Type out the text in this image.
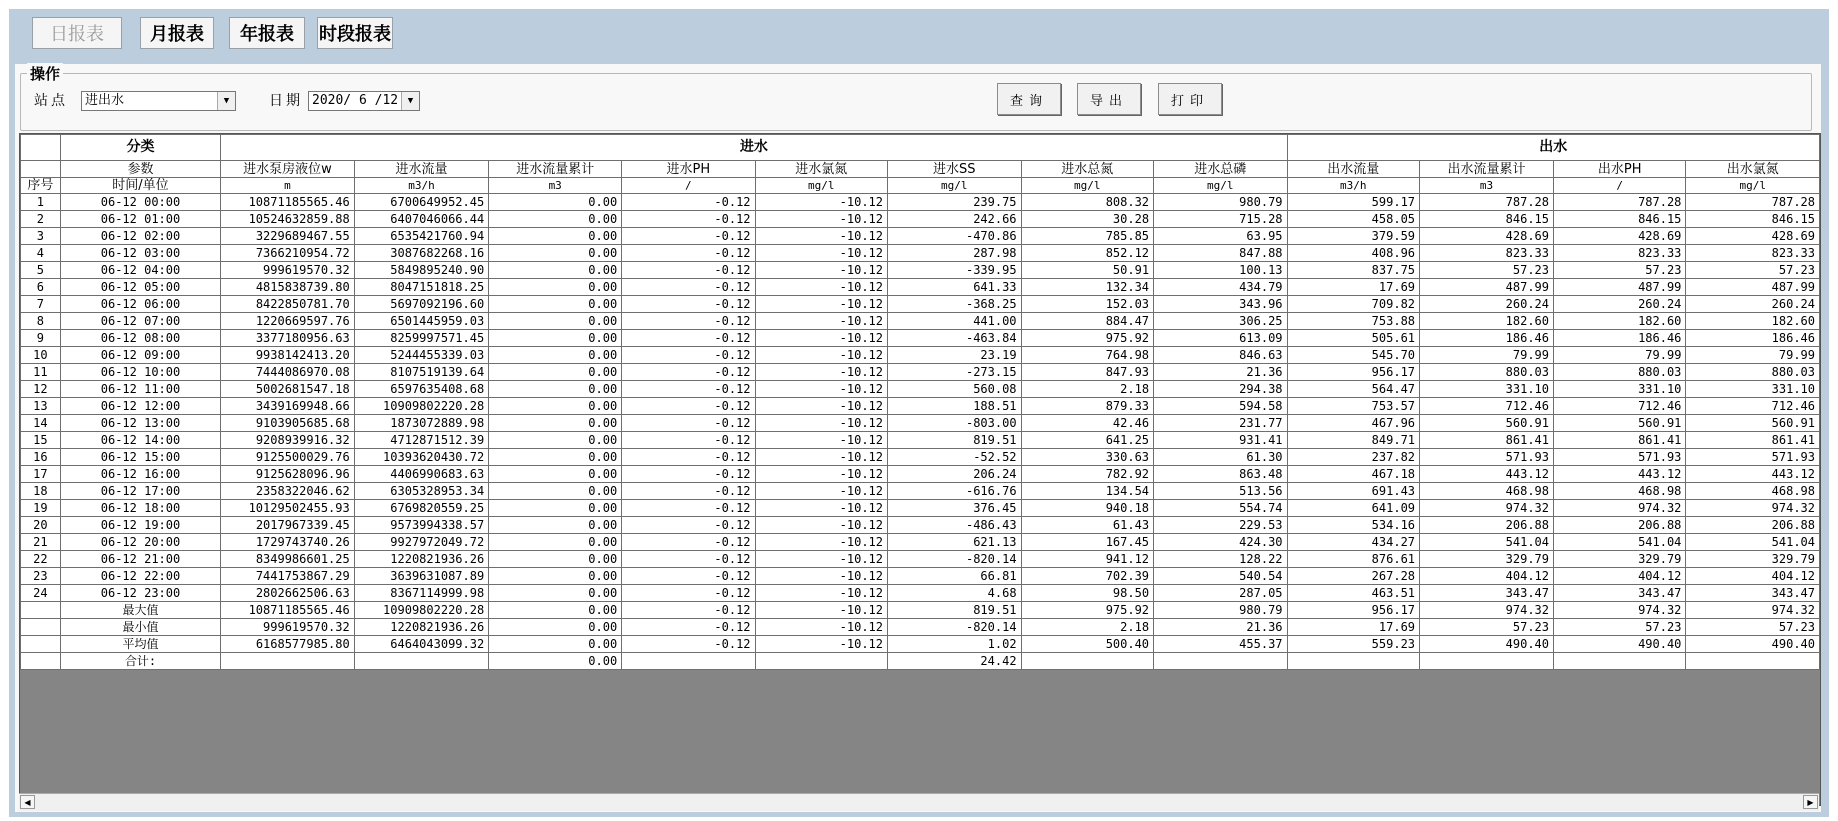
日报表	月报表	年报表	时段报表
操作
站点	进出水	▼	日期 2020/ 6 /12	▼	查询	导出	打印
	分类	进水								出水			
	参数	进水泵房液位w	进水流量	进水流量累计	进水PH	进水氯氮	进水SS	进水总氮	进水总磷	出水流量	出水流量累计	出水PH	出水氯氮
序号	时间/单位	m	m3/h	m3	/	mg/l	mg/l	mg/l	mg/l	m3/h	m3	/	mg/l
1	06-12 00:00	10871185565.46	6700649952.45	0.00	-0.12	-10.12	239.75	808.32	980.79	599.17	787.28	787.28	787.28
2	06-12 01:00	10524632859.88	6407046066.44	0.00	-0.12	-10.12	242.66	30.28	715.28	458.05	846.15	846.15	846.15
3	06-12 02:00	3229689467.55	6535421760.94	0.00	-0.12	-10.12	-470.86	785.85	63.95	379.59	428.69	428.69	428.69
4	06-12 03:00	7366210954.72	3087682268.16	0.00	-0.12	-10.12	287.98	852.12	847.88	408.96	823.33	823.33	823.33
5	06-12 04:00	999619570.32	5849895240.90	0.00	-0.12	-10.12	-339.95	50.91	100.13	837.75	57.23	57.23	57.23
6	06-12 05:00	4815838739.80	8047151818.25	0.00	-0.12	-10.12	641.33	132.34	434.79	17.69	487.99	487.99	487.99
7	06-12 06:00	8422850781.70	5697092196.60	0.00	-0.12	-10.12	-368.25	152.03	343.96	709.82	260.24	260.24	260.24
8	06-12 07:00	1220669597.76	6501445959.03	0.00	-0.12	-10.12	441.00	884.47	306.25	753.88	182.60	182.60	182.60
9	06-12 08:00	3377180956.63	8259997571.45	0.00	-0.12	-10.12	-463.84	975.92	613.09	505.61	186.46	186.46	186.46
10	06-12 09:00	9938142413.20	5244455339.03	0.00	-0.12	-10.12	23.19	764.98	846.63	545.70	79.99	79.99	79.99
11	06-12 10:00	7444086970.08	8107519139.64	0.00	-0.12	-10.12	-273.15	847.93	21.36	956.17	880.03	880.03	880.03
12	06-12 11:00	5002681547.18	6597635408.68	0.00	-0.12	-10.12	560.08	2.18	294.38	564.47	331.10	331.10	331.10
13	06-12 12:00	3439169948.66	10909802220.28	0.00	-0.12	-10.12	188.51	879.33	594.58	753.57	712.46	712.46	712.46
14	06-12 13:00	9103905685.68	1873072889.98	0.00	-0.12	-10.12	-803.00	42.46	231.77	467.96	560.91	560.91	560.91
15	06-12 14:00	9208939916.32	4712871512.39	0.00	-0.12	-10.12	819.51	641.25	931.41	849.71	861.41	861.41	861.41
16	06-12 15:00	9125500029.76	10393620430.72	0.00	-0.12	-10.12	-52.52	330.63	61.30	237.82	571.93	571.93	571.93
17	06-12 16:00	9125628096.96	4406990683.63	0.00	-0.12	-10.12	206.24	782.92	863.48	467.18	443.12	443.12	443.12
18	06-12 17:00	2358322046.62	6305328953.34	0.00	-0.12	-10.12	-616.76	134.54	513.56	691.43	468.98	468.98	468.98
19	06-12 18:00	10129502455.93	6769820559.25	0.00	-0.12	-10.12	376.45	940.18	554.74	641.09	974.32	974.32	974.32
20	06-12 19:00	2017967339.45	9573994338.57	0.00	-0.12	-10.12	-486.43	61.43	229.53	534.16	206.88	206.88	206.88
21	06-12 20:00	1729743740.26	9927972049.72	0.00	-0.12	-10.12	621.13	167.45	424.30	434.27	541.04	541.04	541.04
22	06-12 21:00	8349986601.25	1220821936.26	0.00	-0.12	-10.12	-820.14	941.12	128.22	876.61	329.79	329.79	329.79
23	06-12 22:00	7441753867.29	3639631087.89	0.00	-0.12	-10.12	66.81	702.39	540.54	267.28	404.12	404.12	404.12
24	06-12 23:00	2802662506.63	8367114999.98	0.00	-0.12	-10.12	4.68	98.50	287.05	463.51	343.47	343.47	343.47
	最大值	10871185565.46	10909802220.28	0.00	-0.12	-10.12	819.51	975.92	980.79	956.17	974.32	974.32	974.32
	最小值	999619570.32	1220821936.26	0.00	-0.12	-10.12	-820.14	2.18	21.36	17.69	57.23	57.23	57.23
	平均值	6168577985.80	6464043099.32	0.00	-0.12	-10.12	1.02	500.40	455.37	559.23	490.40	490.40	490.40
	合计:			0.00			24.42						
◀	▶
